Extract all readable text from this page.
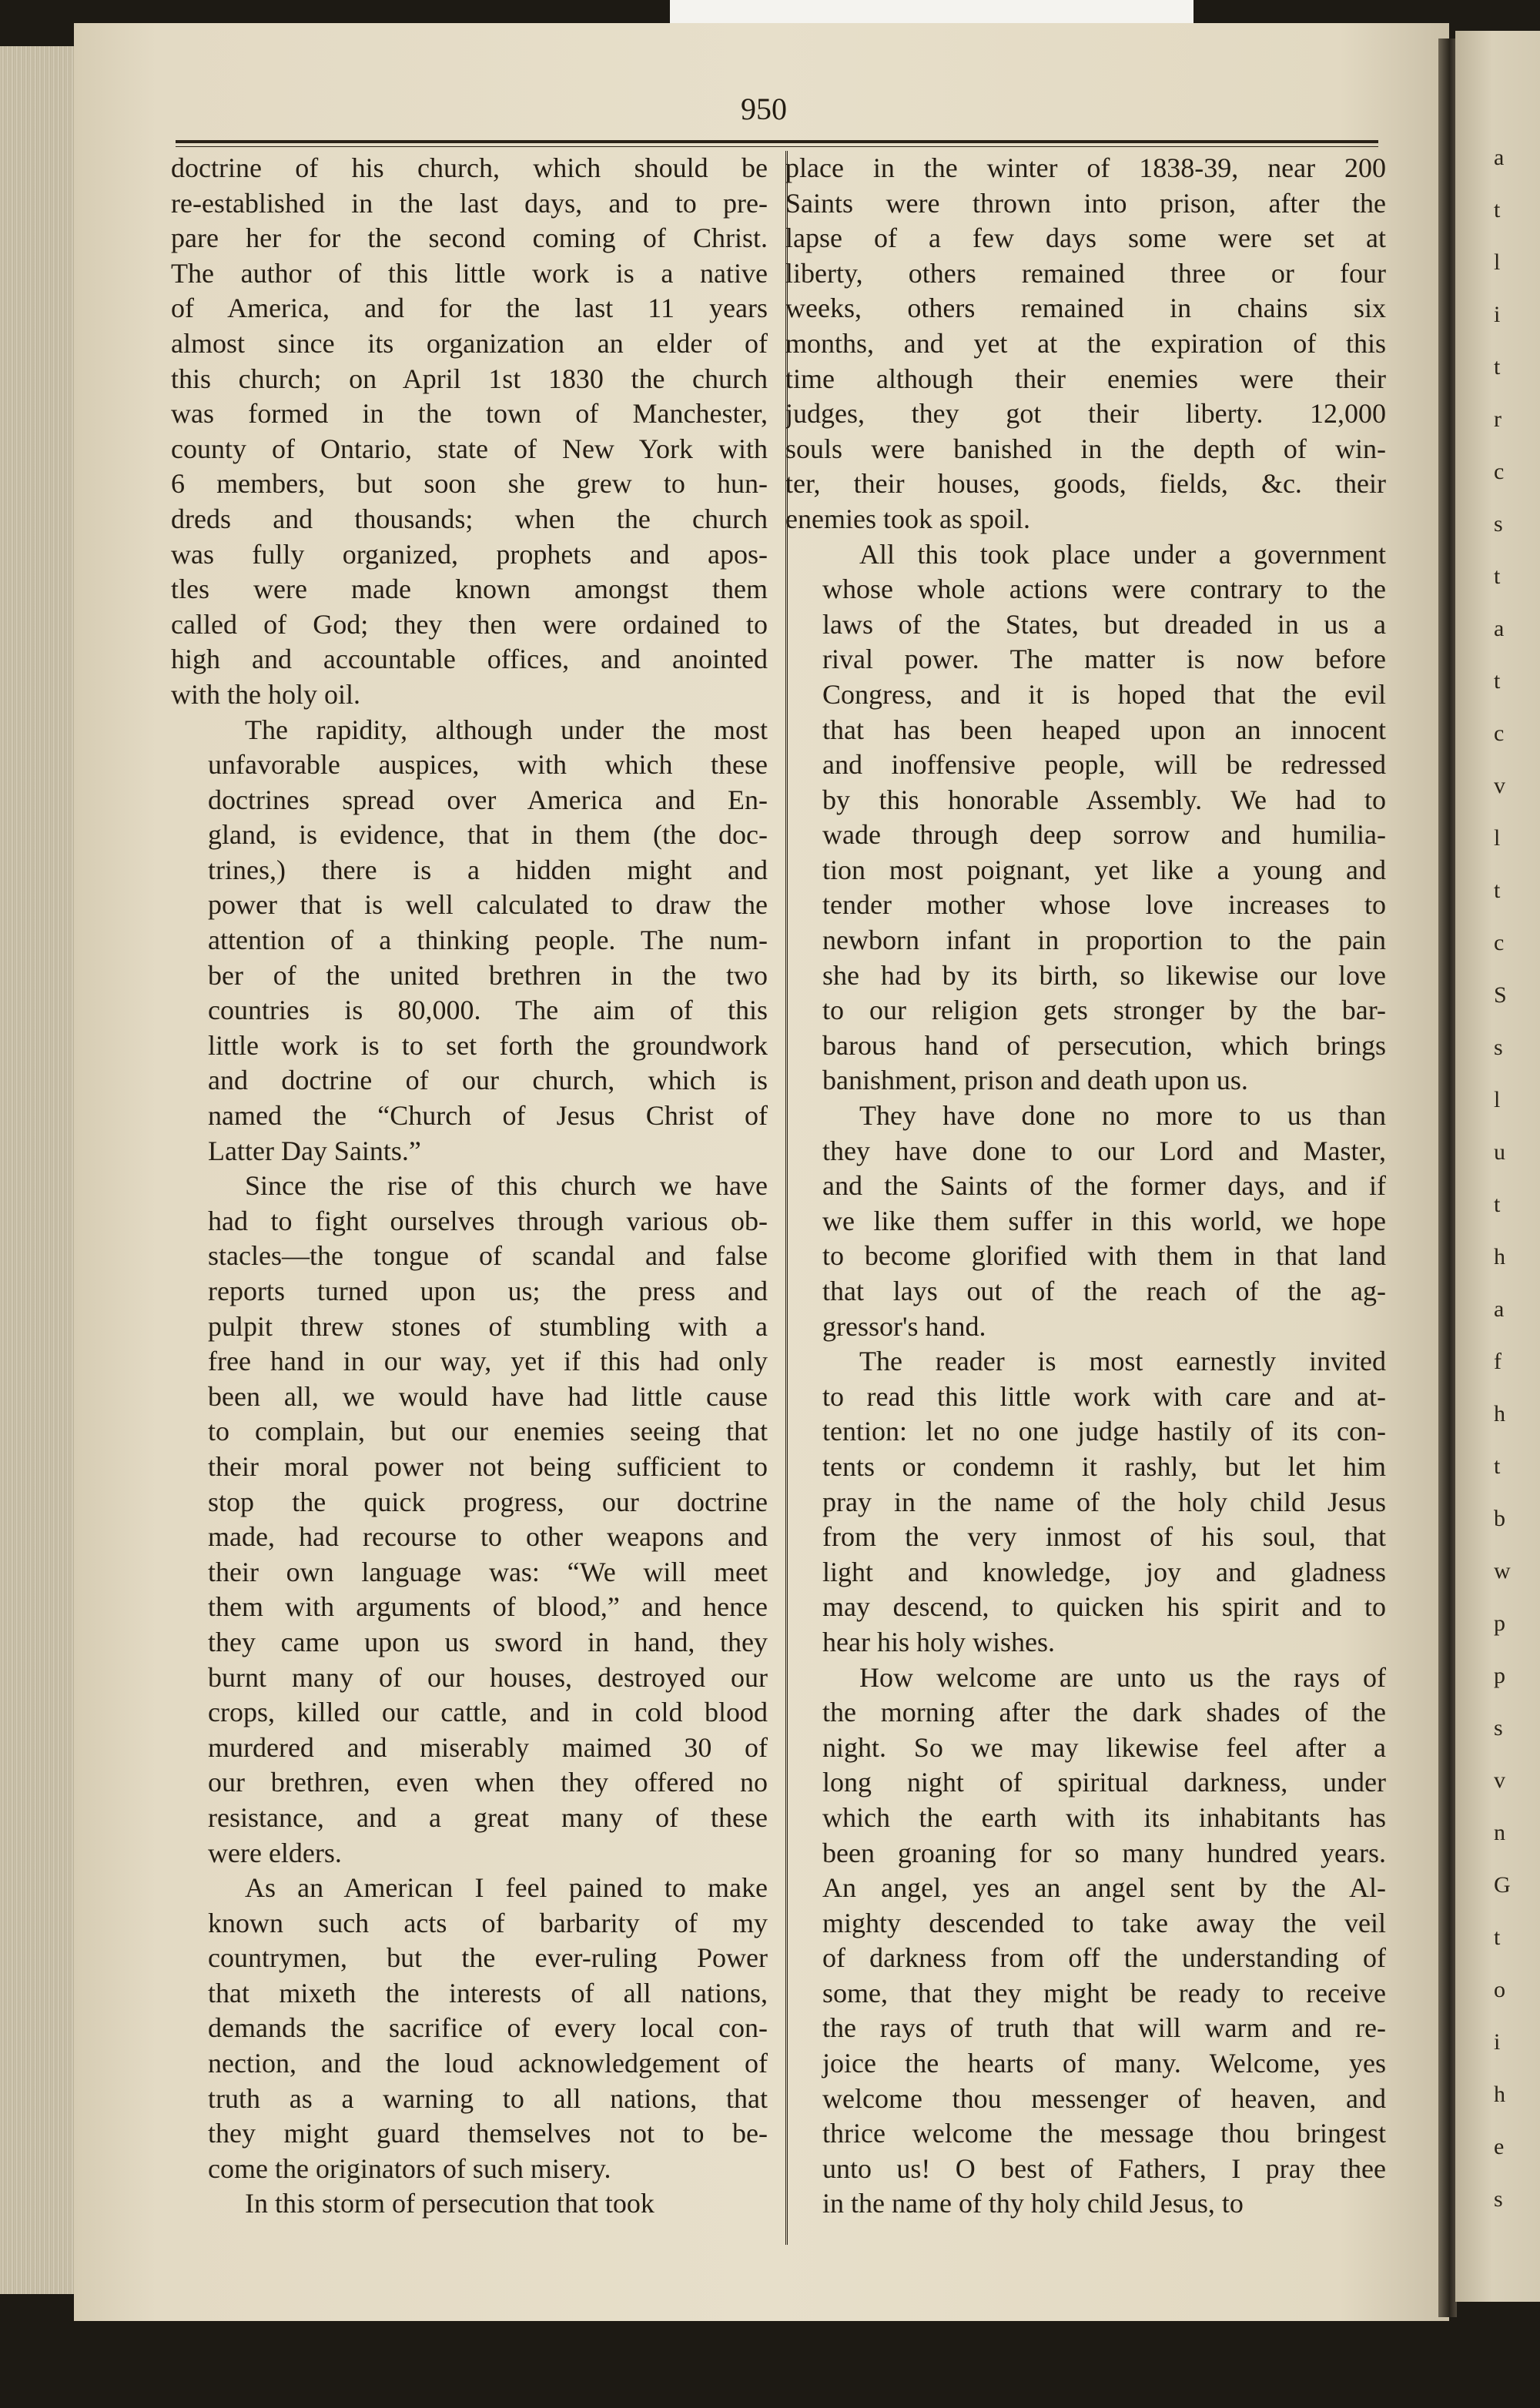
950

doctrine of his church, which should be
re-established in the last days, and to pre-
pare her for the second coming of Christ.
The author of this little work is a native
of America, and for the last 11 years
almost since its organization an elder of
this church; on April 1st 1830 the church
was formed in the town of Manchester,
county of Ontario, state of New York with
6 members, but soon she grew to hun-
dreds and thousands; when the church
was fully organized, prophets and apos-
tles were made known amongst them
called of God; they then were ordained to
high and accountable offices, and anointed
with the holy oil.

The rapidity, although under the most
unfavorable auspices, with which these
doctrines spread over America and En-
gland, is evidence, that in them (the doc-
trines,) there is a hidden might and
power that is well calculated to draw the
attention of a thinking people. The num-
ber of the united brethren in the two
countries is 80,000. The aim of this
little work is to set forth the groundwork
and doctrine of our church, which is
named the “Church of Jesus Christ of
Latter Day Saints.”

Since the rise of this church we have
had to fight ourselves through various ob-
stacles—the tongue of scandal and false
reports turned upon us; the press and
pulpit threw stones of stumbling with a
free hand in our way, yet if this had only
been all, we would have had little cause
to complain, but our enemies seeing that
their moral power not being sufficient to
stop the quick progress, our doctrine
made, had recourse to other weapons and
their own language was: “We will meet
them with arguments of blood,” and hence
they came upon us sword in hand, they
burnt many of our houses, destroyed our
crops, killed our cattle, and in cold blood
murdered and miserably maimed 30 of
our brethren, even when they offered no
resistance, and a great many of these
were elders.

As an American I feel pained to make
known such acts of barbarity of my
countrymen, but the ever-ruling Power
that mixeth the interests of all nations,
demands the sacrifice of every local con-
nection, and the loud acknowledgement of
truth as a warning to all nations, that
they might guard themselves not to be-
come the originators of such misery.

In this storm of persecution that took

place in the winter of 1838-39, near 200
Saints were thrown into prison, after the
lapse of a few days some were set at
liberty, others remained three or four
weeks, others remained in chains six
months, and yet at the expiration of this
time although their enemies were their
judges, they got their liberty. 12,000
souls were banished in the depth of win-
ter, their houses, goods, fields, &c. their
enemies took as spoil.

All this took place under a government
whose whole actions were contrary to the
laws of the States, but dreaded in us a
rival power. The matter is now before
Congress, and it is hoped that the evil
that has been heaped upon an innocent
and inoffensive people, will be redressed
by this honorable Assembly. We had to
wade through deep sorrow and humilia-
tion most poignant, yet like a young and
tender mother whose love increases to
newborn infant in proportion to the pain
she had by its birth, so likewise our love
to our religion gets stronger by the bar-
barous hand of persecution, which brings
banishment, prison and death upon us.

They have done no more to us than
they have done to our Lord and Master,
and the Saints of the former days, and if
we like them suffer in this world, we hope
to become glorified with them in that land
that lays out of the reach of the ag-
gressor's hand.

The reader is most earnestly invited
to read this little work with care and at-
tention: let no one judge hastily of its con-
tents or condemn it rashly, but let him
pray in the name of the holy child Jesus
from the very inmost of his soul, that
light and knowledge, joy and gladness
may descend, to quicken his spirit and to
hear his holy wishes.

How welcome are unto us the rays of
the morning after the dark shades of the
night. So we may likewise feel after a
long night of spiritual darkness, under
which the earth with its inhabitants has
been groaning for so many hundred years.
An angel, yes an angel sent by the Al-
mighty descended to take away the veil
of darkness from off the understanding of
some, that they might be ready to receive
the rays of truth that will warm and re-
joice the hearts of many. Welcome, yes
welcome thou messenger of heaven, and
thrice welcome the message thou bringest
unto us! O best of Fathers, I pray thee
in the name of thy holy child Jesus, to

a
t
l
i
t
r
c
s
t
a
t
c
v
l
t
c
S
s
l
u
t
h
a
f
h
t
b
w
p
p
s
v
n
G
t
o
i
h
e
s
